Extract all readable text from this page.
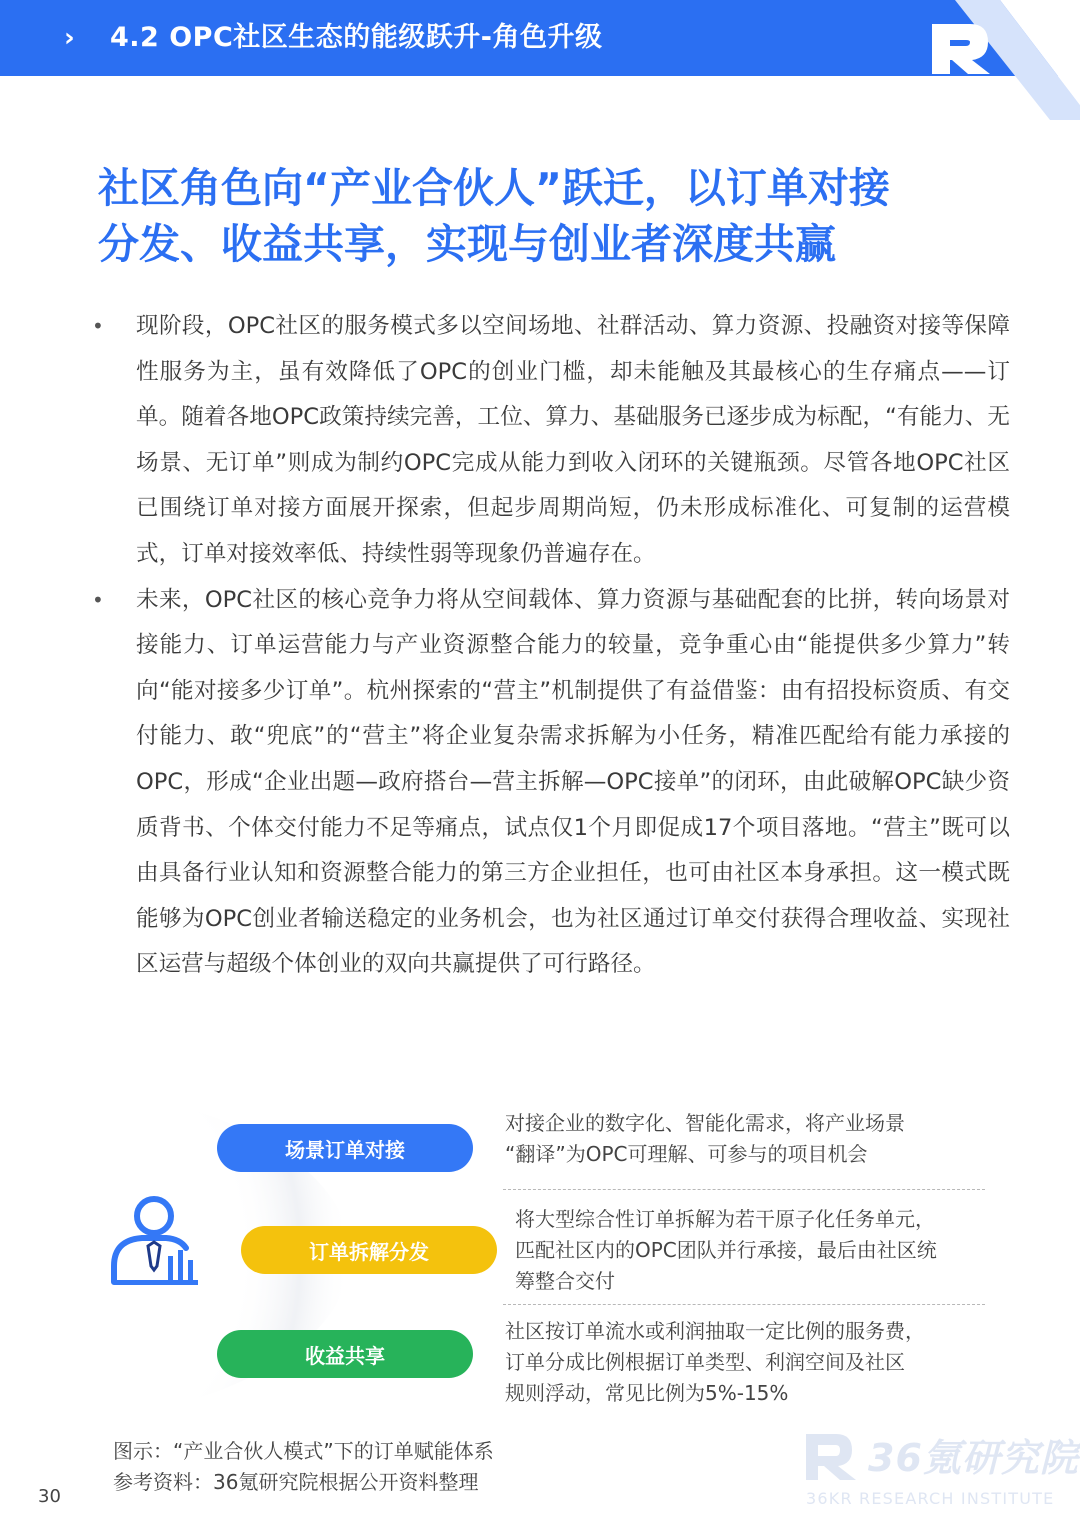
› 4.2 OPC社区生态的能级跃升-角色升级
社区角色向“产业合伙人”跃迁，以订单对接
分发、收益共享，实现与创业者深度共赢
• 现阶段，OPC社区的服务模式多以空间场地、社群活动、算力资源、投融资对接等保障性服务为主，虽有效降低了OPC的创业门槛，却未能触及其最核心的生存痛点——订单。随着各地OPC政策持续完善，工位、算力、基础服务已逐步成为标配，“有能力、无场景、无订单”则成为制约OPC完成从能力到收入闭环的关键瓶颈。尽管各地OPC社区已围绕订单对接方面展开探索，但起步周期尚短，仍未形成标准化、可复制的运营模式，订单对接效率低、持续性弱等现象仍普遍存在。
• 未来，OPC社区的核心竞争力将从空间载体、算力资源与基础配套的比拼，转向场景对接能力、订单运营能力与产业资源整合能力的较量，竞争重心由“能提供多少算力”转向“能对接多少订单”。杭州探索的“营主”机制提供了有益借鉴：由有招投标资质、有交付能力、敢“兜底”的“营主”将企业复杂需求拆解为小任务，精准匹配给有能力承接的OPC，形成“企业出题—政府搭台—营主拆解—OPC接单”的闭环，由此破解OPC缺少资质背书、个体交付能力不足等痛点，试点仅1个月即促成17个项目落地。“营主”既可以由具备行业认知和资源整合能力的第三方企业担任，也可由社区本身承担。这一模式既能够为OPC创业者输送稳定的业务机会，也为社区通过订单交付获得合理收益、实现社区运营与超级个体创业的双向共赢提供了可行路径。
场景订单对接
订单拆解分发
收益共享
对接企业的数字化、智能化需求，将产业场景
“翻译”为OPC可理解、可参与的项目机会
将大型综合性订单拆解为若干原子化任务单元，
匹配社区内的OPC团队并行承接，最后由社区统
筹整合交付
社区按订单流水或利润抽取一定比例的服务费，
订单分成比例根据订单类型、利润空间及社区
规则浮动，常见比例为5%-15%
图示：“产业合伙人模式”下的订单赋能体系
参考资料：36氪研究院根据公开资料整理
30
36氪研究院
36KR RESEARCH INSTITUTE
